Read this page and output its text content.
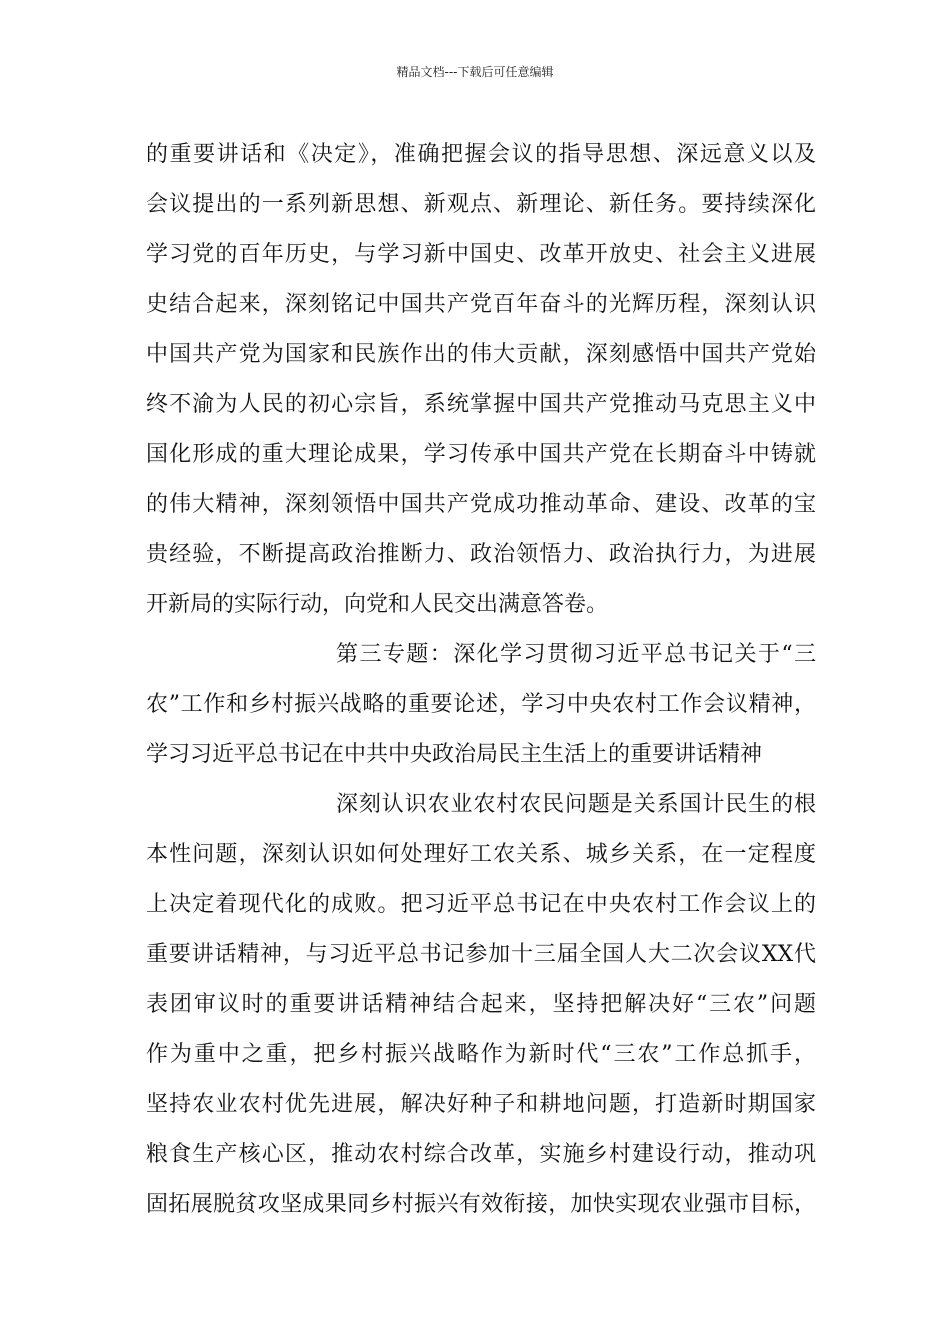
精品文档---下载后可任意编辑
的重要讲话和《决定》，准确把握会议的指导思想、深远意义以及
会议提出的一系列新思想、新观点、新理论、新任务。要持续深化
学习党的百年历史，与学习新中国史、改革开放史、社会主义进展
史结合起来，深刻铭记中国共产党百年奋斗的光辉历程，深刻认识
中国共产党为国家和民族作出的伟大贡献，深刻感悟中国共产党始
终不渝为人民的初心宗旨，系统掌握中国共产党推动马克思主义中
国化形成的重大理论成果，学习传承中国共产党在长期奋斗中铸就
的伟大精神，深刻领悟中国共产党成功推动革命、建设、改革的宝
贵经验，不断提高政治推断力、政治领悟力、政治执行力，为进展
开新局的实际行动，向党和人民交出满意答卷。
第三专题：深化学习贯彻习近平总书记关于“三
农”工作和乡村振兴战略的重要论述，学习中央农村工作会议精神，
学习习近平总书记在中共中央政治局民主生活上的重要讲话精神
深刻认识农业农村农民问题是关系国计民生的根
本性问题，深刻认识如何处理好工农关系、城乡关系，在一定程度
上决定着现代化的成败。把习近平总书记在中央农村工作会议上的
重要讲话精神，与习近平总书记参加十三届全国人大二次会议XX代
表团审议时的重要讲话精神结合起来，坚持把解决好“三农”问题
作为重中之重，把乡村振兴战略作为新时代“三农”工作总抓手，
坚持农业农村优先进展，解决好种子和耕地问题，打造新时期国家
粮食生产核心区，推动农村综合改革，实施乡村建设行动，推动巩
固拓展脱贫攻坚成果同乡村振兴有效衔接，加快实现农业强市目标，
